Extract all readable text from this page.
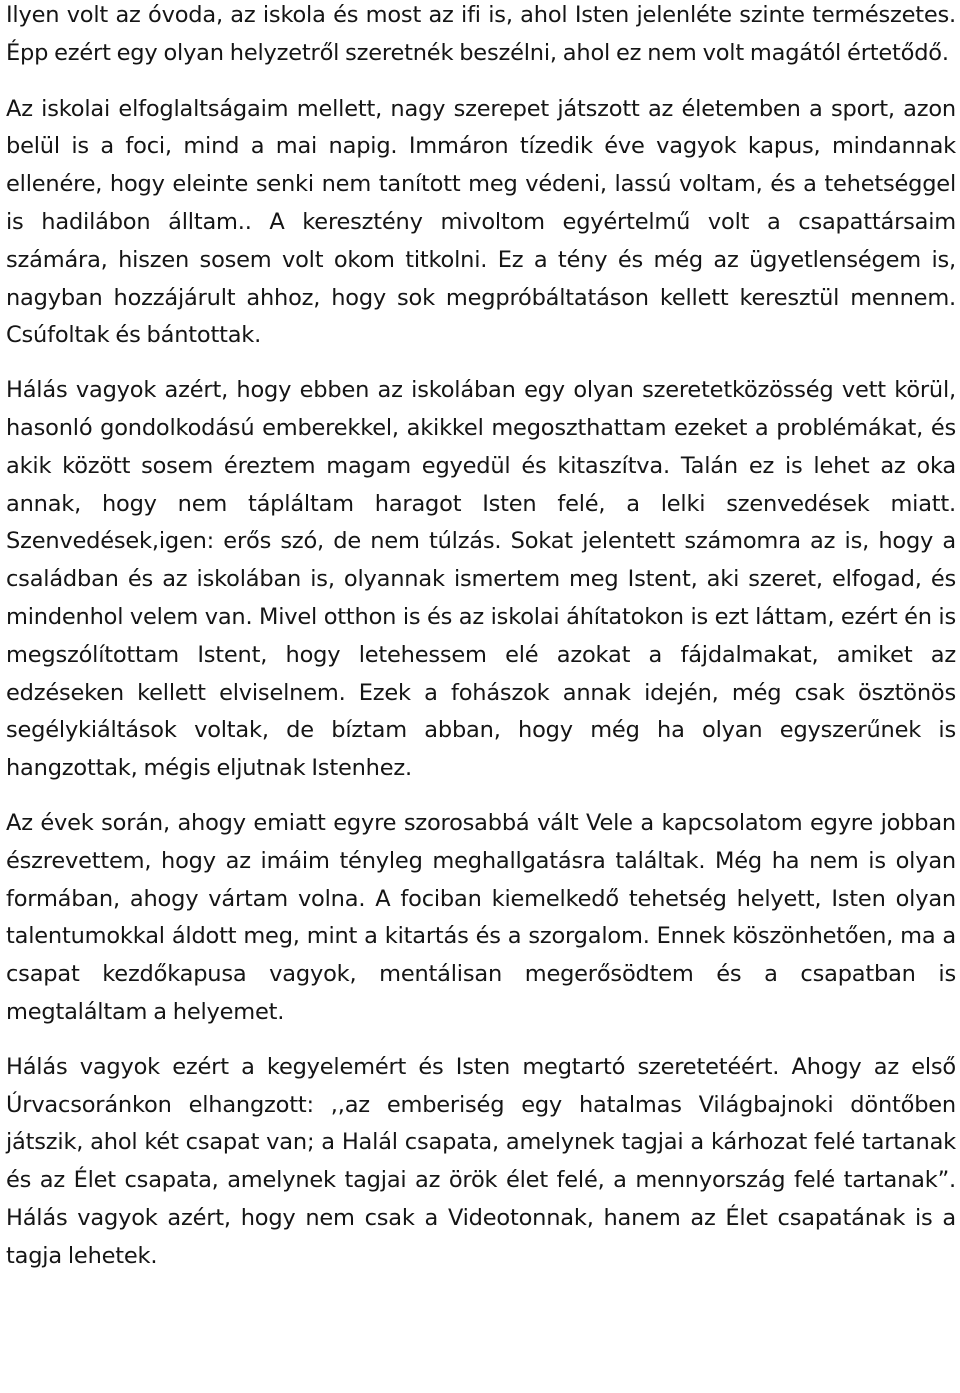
Ilyen volt az óvoda, az iskola és most az ifi is, ahol Isten jelenléte szinte természetes. Épp ezért egy olyan helyzetről szeretnék beszélni, ahol ez nem volt magától értetődő.

Az iskolai elfoglaltságaim mellett, nagy szerepet játszott az életemben a sport, azon belül is a foci, mind a mai napig. Immáron tízedik éve vagyok kapus, mindannak ellenére, hogy eleinte senki nem tanított meg védeni, lassú voltam, és a tehetséggel is hadilábon álltam.. A keresztény mivoltom egyértelmű volt a csapattársaim számára, hiszen sosem volt okom titkolni. Ez a tény és még az ügyetlenségem is, nagyban hozzájárult ahhoz, hogy sok megpróbáltatáson kellett keresztül mennem. Csúfoltak és bántottak.

Hálás vagyok azért, hogy ebben az iskolában egy olyan szeretetközösség vett körül, hasonló gondolkodású emberekkel, akikkel megoszthattam ezeket a problémákat, és akik között sosem éreztem magam egyedül és kitaszítva. Talán ez is lehet az oka annak, hogy nem tápláltam haragot Isten felé, a lelki szenvedések miatt. Szenvedések,igen: erős szó, de nem túlzás. Sokat jelentett számomra az is, hogy a családban és az iskolában is, olyannak ismertem meg Istent, aki szeret, elfogad, és mindenhol velem van. Mivel otthon is és az iskolai áhítatokon is ezt láttam, ezért én is megszólítottam Istent, hogy letehessem elé azokat a fájdalmakat, amiket az edzéseken kellett elviselnem. Ezek a fohászok annak idején, még csak ösztönös segélykiáltások voltak, de bíztam abban, hogy még ha olyan egyszerűnek is hangzottak, mégis eljutnak Istenhez.

Az évek során, ahogy emiatt egyre szorosabbá vált Vele a kapcsolatom egyre jobban észrevettem, hogy az imáim tényleg meghallgatásra találtak. Még ha nem is olyan formában, ahogy vártam volna. A fociban kiemelkedő tehetség helyett, Isten olyan talentumokkal áldott meg, mint a kitartás és a szorgalom. Ennek köszönhetően, ma a csapat kezdőkapusa vagyok, mentálisan megerősödtem és a csapatban is megtaláltam a helyemet.

Hálás vagyok ezért a kegyelemért és Isten megtartó szeretetéért. Ahogy az első Úrvacsoránkon elhangzott: ,,az emberiség egy hatalmas Világbajnoki döntőben játszik, ahol két csapat van; a Halál csapata, amelynek tagjai a kárhozat felé tartanak és az Élet csapata, amelynek tagjai az örök élet felé, a mennyország felé tartanak”. Hálás vagyok azért, hogy nem csak a Videotonnak, hanem az Élet csapatának is a tagja lehetek.
